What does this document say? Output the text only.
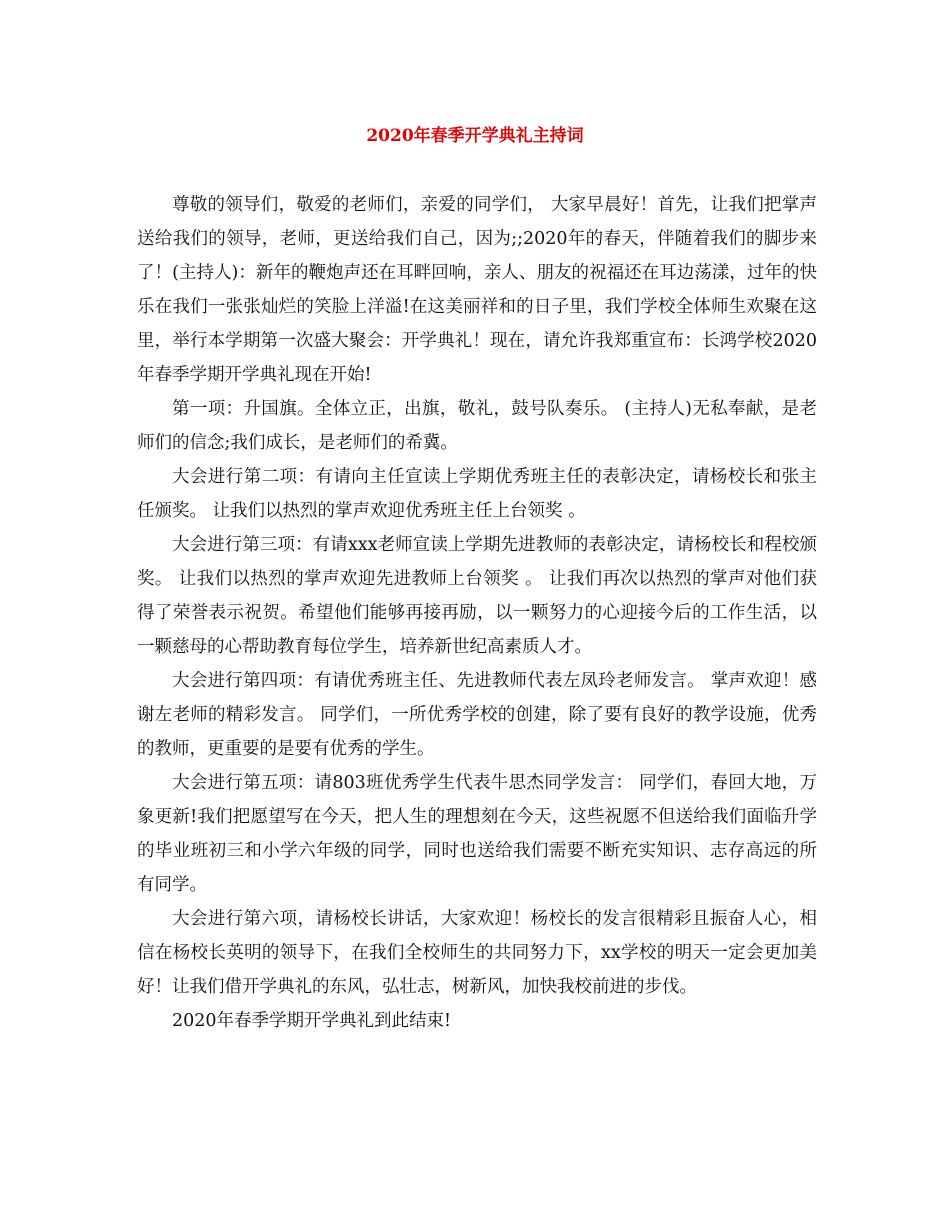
2020年春季开学典礼主持词

尊敬的领导们，敬爱的老师们，亲爱的同学们， 大家早晨好！首先，让我们把掌声送给我们的领导，老师，更送给我们自己，因为;;2020年的春天，伴随着我们的脚步来了！(主持人)：新年的鞭炮声还在耳畔回响，亲人、朋友的祝福还在耳边荡漾，过年的快乐在我们一张张灿烂的笑脸上洋溢!在这美丽祥和的日子里，我们学校全体师生欢聚在这里，举行本学期第一次盛大聚会：开学典礼！现在，请允许我郑重宣布：长鸿学校2020年春季学期开学典礼现在开始!

第一项：升国旗。全体立正，出旗，敬礼，鼓号队奏乐。 (主持人)无私奉献，是老师们的信念;我们成长，是老师们的希冀。

大会进行第二项：有请向主任宣读上学期优秀班主任的表彰决定，请杨校长和张主任颁奖。 让我们以热烈的掌声欢迎优秀班主任上台领奖 。

大会进行第三项：有请xxx老师宣读上学期先进教师的表彰决定，请杨校长和程校颁奖。 让我们以热烈的掌声欢迎先进教师上台领奖 。 让我们再次以热烈的掌声对他们获得了荣誉表示祝贺。希望他们能够再接再励，以一颗努力的心迎接今后的工作生活，以一颗慈母的心帮助教育每位学生，培养新世纪高素质人才。

大会进行第四项：有请优秀班主任、先进教师代表左凤玲老师发言。 掌声欢迎！感谢左老师的精彩发言。 同学们，一所优秀学校的创建，除了要有良好的教学设施，优秀的教师，更重要的是要有优秀的学生。

大会进行第五项：请803班优秀学生代表牛思杰同学发言： 同学们，春回大地，万象更新!我们把愿望写在今天，把人生的理想刻在今天，这些祝愿不但送给我们面临升学的毕业班初三和小学六年级的同学，同时也送给我们需要不断充实知识、志存高远的所有同学。

大会进行第六项，请杨校长讲话，大家欢迎！杨校长的发言很精彩且振奋人心，相信在杨校长英明的领导下，在我们全校师生的共同努力下，xx学校的明天一定会更加美好！让我们借开学典礼的东风，弘壮志，树新风，加快我校前进的步伐。

2020年春季学期开学典礼到此结束!
